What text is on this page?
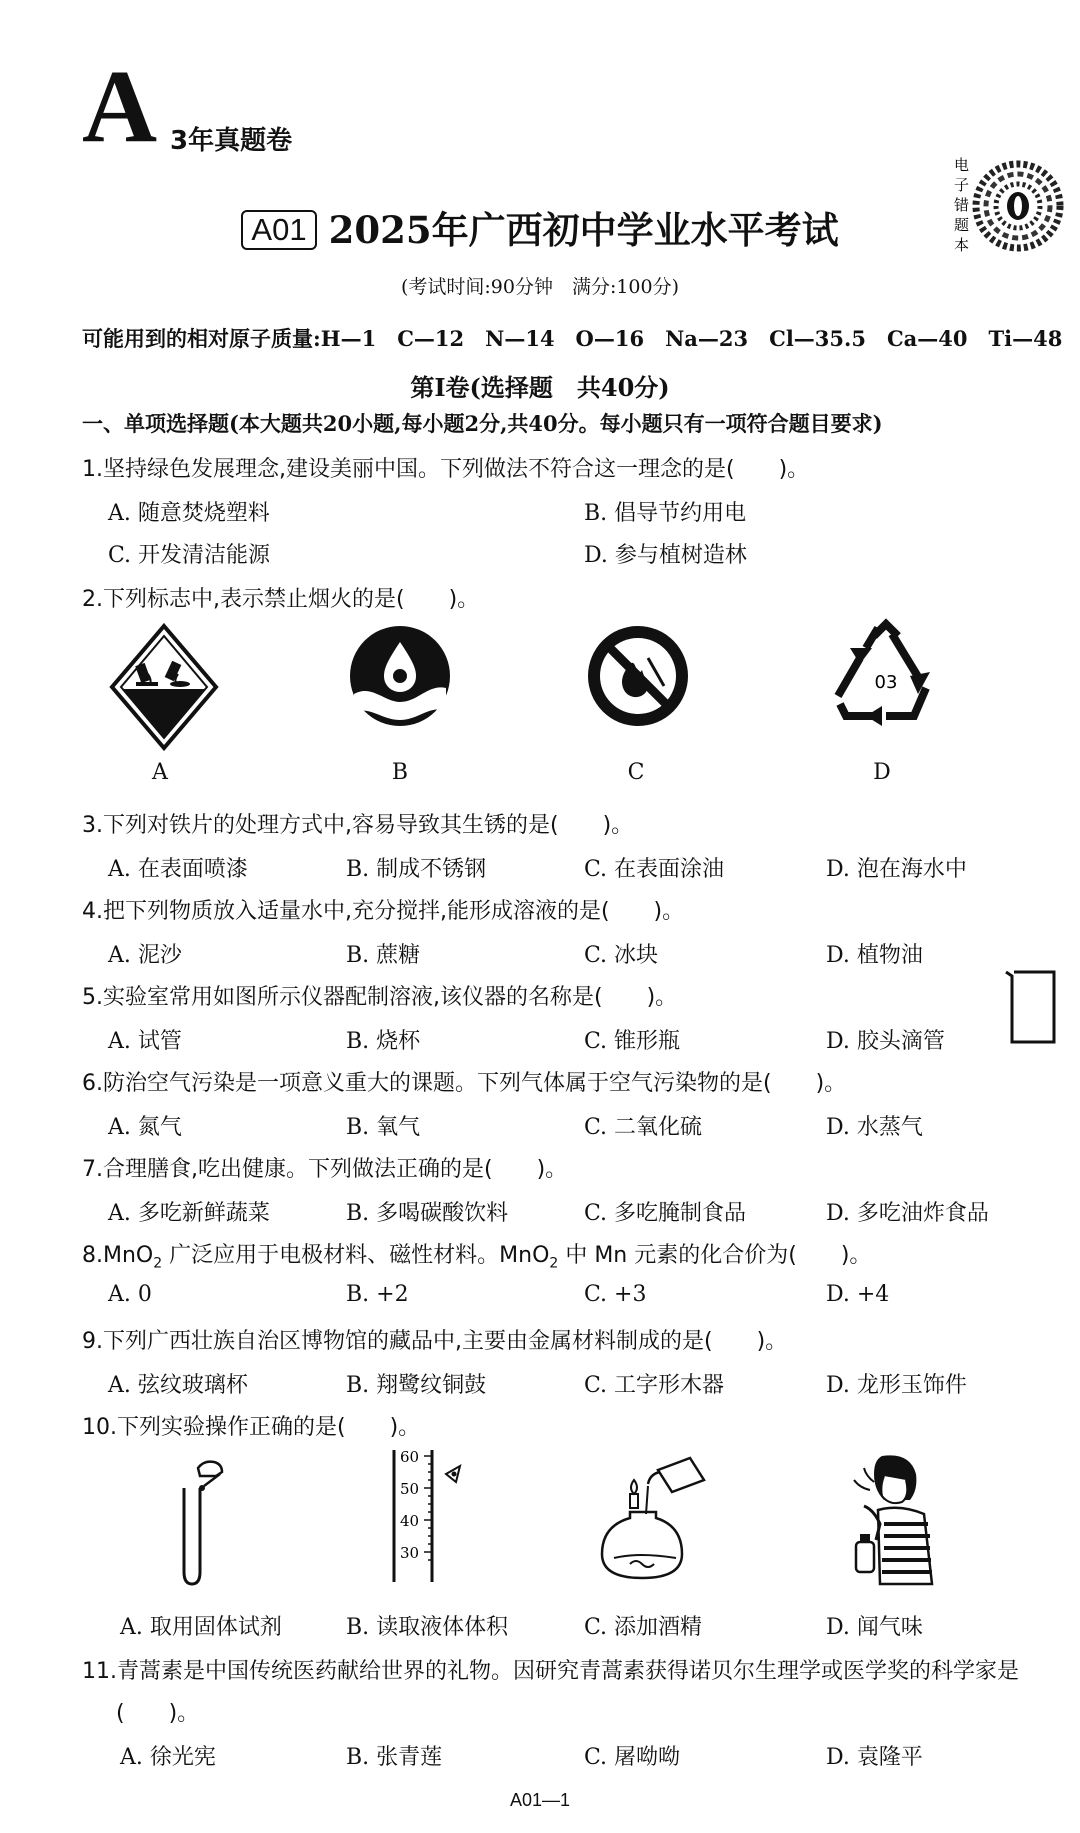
A 3年真题卷
电
子
错
题
本
A01 2025年广西初中学业水平考试
(考试时间:90分钟　满分:100分)
可能用到的相对原子质量:H—1　C—12　N—14　O—16　Na—23　Cl—35.5　Ca—40　Ti—48
第Ⅰ卷(选择题　共40分)
一、单项选择题(本大题共20小题,每小题2分,共40分。每小题只有一项符合题目要求)
1.坚持绿色发展理念,建设美丽中国。下列做法不符合这一理念的是(　　)。
A. 随意焚烧塑料	B. 倡导节约用电
C. 开发清洁能源	D. 参与植树造林
2.下列标志中,表示禁止烟火的是(　　)。
A	B	C
03
D
3.下列对铁片的处理方式中,容易导致其生锈的是(　　)。
A. 在表面喷漆	B. 制成不锈钢	C. 在表面涂油	D. 泡在海水中
4.把下列物质放入适量水中,充分搅拌,能形成溶液的是(　　)。
A. 泥沙	B. 蔗糖	C. 冰块	D. 植物油
5.实验室常用如图所示仪器配制溶液,该仪器的名称是(　　)。
A. 试管	B. 烧杯	C. 锥形瓶	D. 胶头滴管
6.防治空气污染是一项意义重大的课题。下列气体属于空气污染物的是(　　)。
A. 氮气	B. 氧气	C. 二氧化硫	D. 水蒸气
7.合理膳食,吃出健康。下列做法正确的是(　　)。
A. 多吃新鲜蔬菜	B. 多喝碳酸饮料	C. 多吃腌制食品	D. 多吃油炸食品
8.MnO$_2$ 广泛应用于电极材料、磁性材料。MnO$_2$ 中 Mn 元素的化合价为(　　)。
A. 0	B. +2	C. +3	D. +4
9.下列广西壮族自治区博物馆的藏品中,主要由金属材料制成的是(　　)。
A. 弦纹玻璃杯	B. 翔鹭纹铜鼓	C. 工字形木器	D. 龙形玉饰件
10.下列实验操作正确的是(　　)。
60
50
40
30
A. 取用固体试剂	B. 读取液体体积	C. 添加酒精	D. 闻气味
11.青蒿素是中国传统医药献给世界的礼物。因研究青蒿素获得诺贝尔生理学或医学奖的科学家是
(　　)。
A. 徐光宪	B. 张青莲	C. 屠呦呦	D. 袁隆平
A01—1
